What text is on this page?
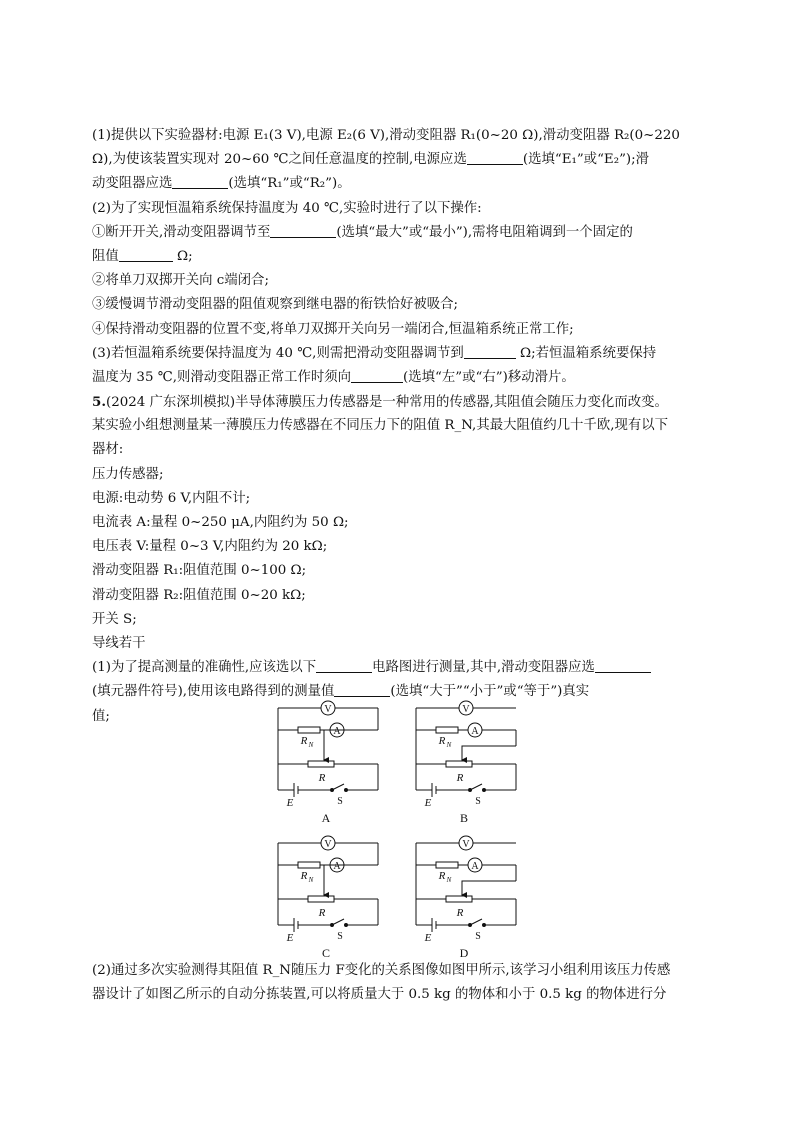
(1)提供以下实验器材:电源 E₁(3 V),电源 E₂(6 V),滑动变阻器 R₁(0~20 Ω),滑动变阻器 R₂(0~220
Ω),为使该装置实现对 20~60 ℃之间任意温度的控制,电源应选	(选填“E₁”或“E₂”);滑
动变阻器应选	(选填“R₁”或“R₂”)。
(2)为了实现恒温箱系统保持温度为 40 ℃,实验时进行了以下操作:
①断开开关,滑动变阻器调节至	(选填“最大”或“最小”),需将电阻箱调到一个固定的
阻值	Ω;
②将单刀双掷开关向 c端闭合;
③缓慢调节滑动变阻器的阻值观察到继电器的衔铁恰好被吸合;
④保持滑动变阻器的位置不变,将单刀双掷开关向另一端闭合,恒温箱系统正常工作;
(3)若恒温箱系统要保持温度为 40 ℃,则需把滑动变阻器调节到	Ω;若恒温箱系统要保持
温度为 35 ℃,则滑动变阻器正常工作时须向	(选填“左”或“右”)移动滑片。
5.(2024 广东深圳模拟)半导体薄膜压力传感器是一种常用的传感器,其阻值会随压力变化而改变。
某实验小组想测量某一薄膜压力传感器在不同压力下的阻值 R_N,其最大阻值约几十千欧,现有以下
器材:
压力传感器;
电源:电动势 6 V,内阻不计;
电流表 A:量程 0~250 μA,内阻约为 50 Ω;
电压表 V:量程 0~3 V,内阻约为 20 kΩ;
滑动变阻器 R₁:阻值范围 0~100 Ω;
滑动变阻器 R₂:阻值范围 0~20 kΩ;
开关 S;
导线若干
(1)为了提高测量的准确性,应该选以下	电路图进行测量,其中,滑动变阻器应选
(填元器件符号),使用该电路得到的测量值	(选填“大于”“小于”或“等于”)真实
值;	V
A
R N
R
E	S
A
V
A
R N
R
E	S
B
V
A
R N
R
E	S
C
V
A
R N
R
E	S
D
(2)通过多次实验测得其阻值 R_N随压力 F变化的关系图像如图甲所示,该学习小组利用该压力传感
器设计了如图乙所示的自动分拣装置,可以将质量大于 0.5 kg 的物体和小于 0.5 kg 的物体进行分
